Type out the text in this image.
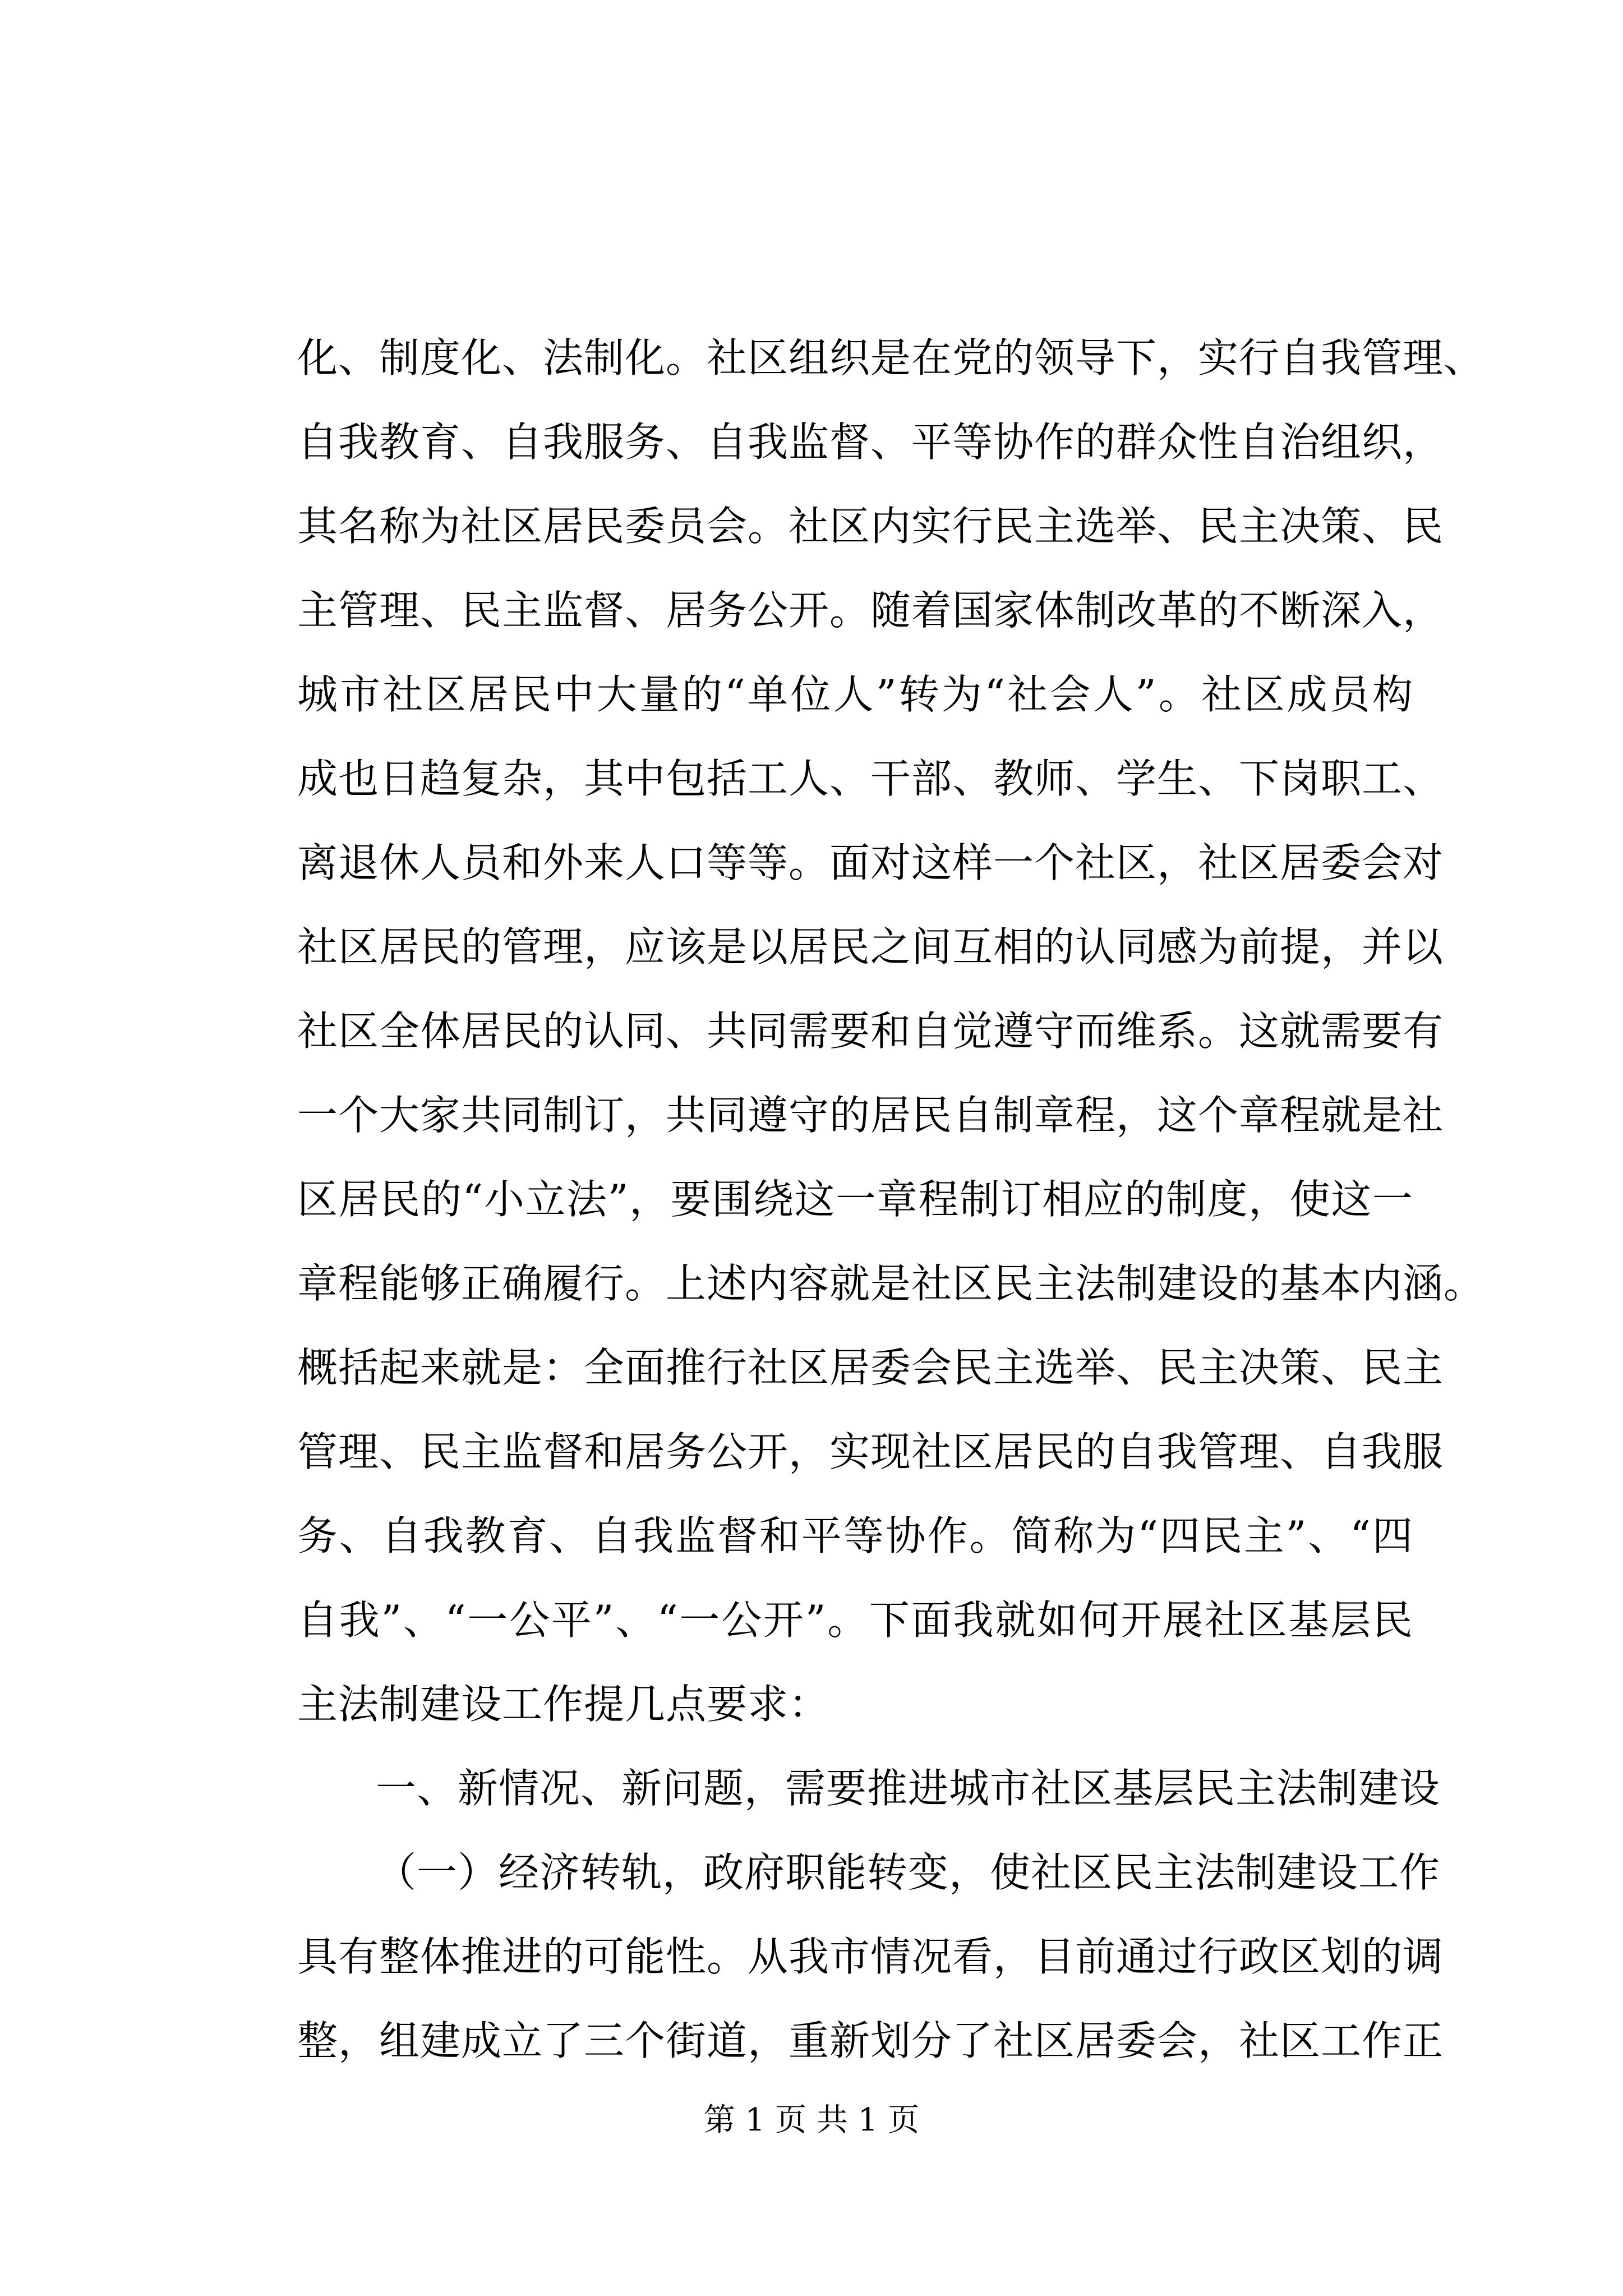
化、制度化、法制化。社区组织是在党的领导下，实行自我管理、
自我教育、自我服务、自我监督、平等协作的群众性自治组织，
其名称为社区居民委员会。社区内实行民主选举、民主决策、民
主管理、民主监督、居务公开。随着国家体制改革的不断深入，
城市社区居民中大量的“单位人”转为“社会人”。社区成员构
成也日趋复杂，其中包括工人、干部、教师、学生、下岗职工、
离退休人员和外来人口等等。面对这样一个社区，社区居委会对
社区居民的管理，应该是以居民之间互相的认同感为前提，并以
社区全体居民的认同、共同需要和自觉遵守而维系。这就需要有
一个大家共同制订，共同遵守的居民自制章程，这个章程就是社
区居民的“小立法”，要围绕这一章程制订相应的制度，使这一
章程能够正确履行。上述内容就是社区民主法制建设的基本内涵。
概括起来就是：全面推行社区居委会民主选举、民主决策、民主
管理、民主监督和居务公开，实现社区居民的自我管理、自我服
务、自我教育、自我监督和平等协作。简称为“四民主”、“四
自我”、“一公平”、“一公开”。下面我就如何开展社区基层民
主法制建设工作提几点要求：
一、新情况、新问题，需要推进城市社区基层民主法制建设
（一）经济转轨，政府职能转变，使社区民主法制建设工作
具有整体推进的可能性。从我市情况看，目前通过行政区划的调
整，组建成立了三个街道，重新划分了社区居委会，社区工作正
第 1 页 共 1 页
